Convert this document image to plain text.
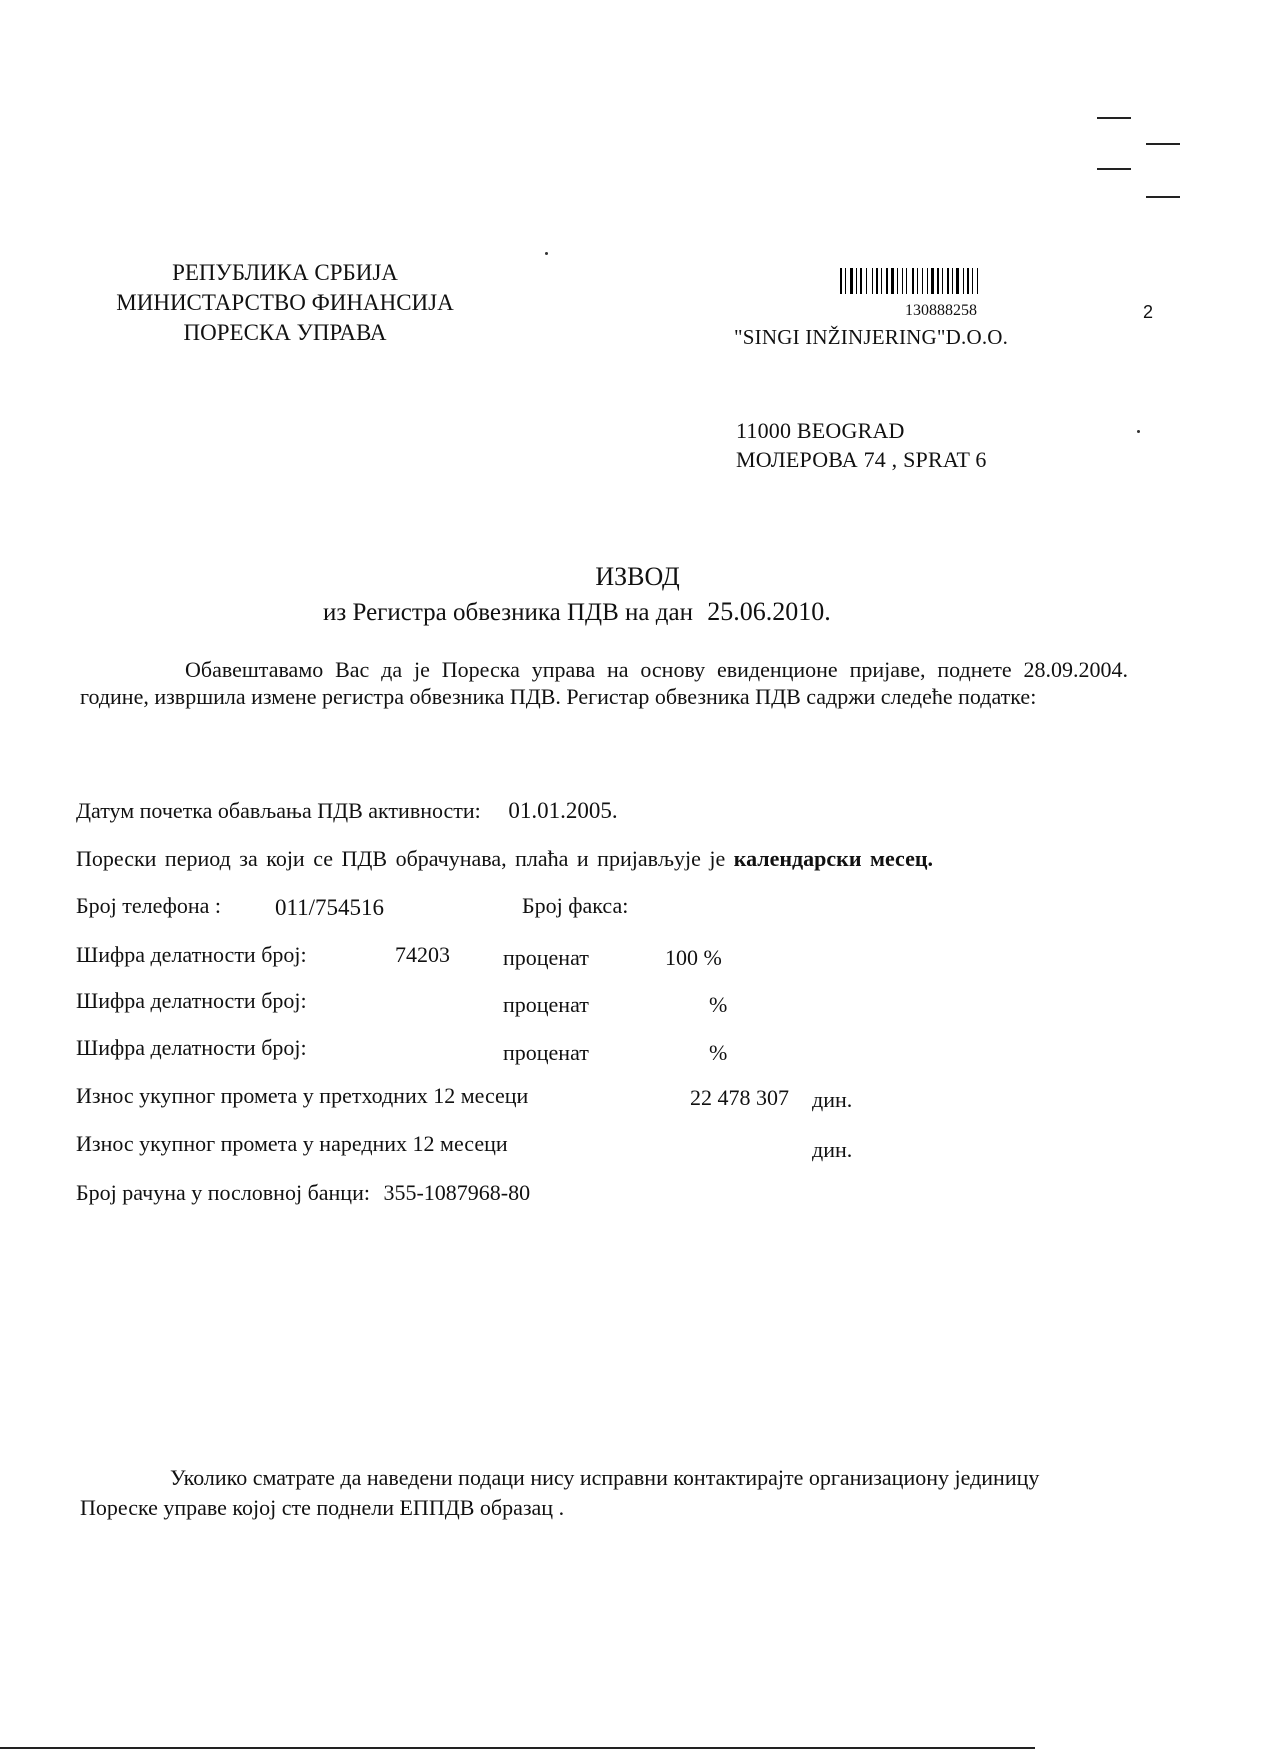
РЕПУБЛИКА СРБИЈА
МИНИСТАРСТВО ФИНАНСИЈА
ПОРЕСКА УПРАВА
130888258	2
"SINGI INŽINJERING"D.O.O.
11000 BEOGRAD
МОЛЕРОВА 74 , SPRAT 6
ИЗВОД
из Регистра обвезника ПДВ на дан 25.06.2010.
Обавештавамо Вас да је Пореска управа на основу евиденционе пријаве, поднете 28.09.2004. године, извршила измене регистра обвезника ПДВ. Регистар обвезника ПДВ садржи следеће податке:
Датум почетка обављања ПДВ активности: 01.01.2005.
Порески период за који се ПДВ обрачунава, плаћа и пријављује је календарски месец.
Број телефона : 011/754516	Број факса:
Шифра делатности број:	74203 проценат	100 %
Шифра делатности број:	проценат	%
Шифра делатности број:	проценат	%
Износ укупног промета у претходних 12 месеци	22 478 307 дин.
Износ укупног промета у наредних 12 месеци	дин.
Број рачуна у пословној банци: 355-1087968-80
Уколико сматрате да наведени подаци нису исправни контактирајте организациону јединицу Пореске управе којој сте поднели ЕППДВ образац .
